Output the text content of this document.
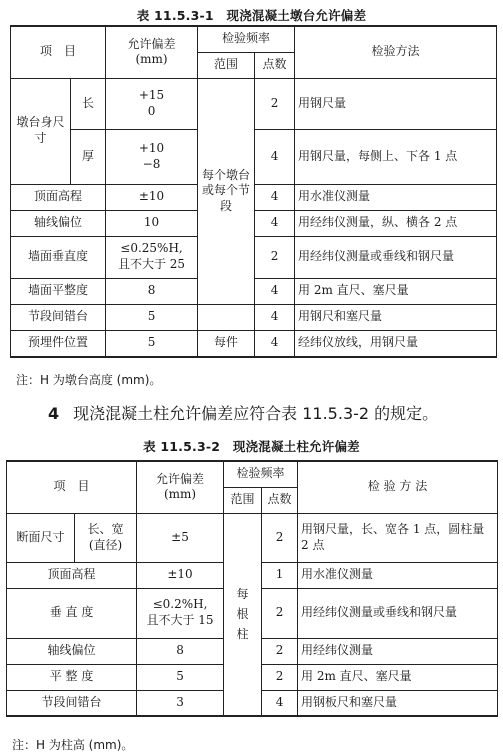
表 11.5.3-1　现浇混凝土墩台允许偏差
项　目		允许偏差
(mm)	检验频率		检验方法
			范围	点数	
墩台身尺寸	长	+15
0	每个墩台或每个节段	2	用钢尺量
	厚	+10
−8		4	用钢尺量，每侧上、下各 1 点
顶面高程		±10		4	用水准仪测量
轴线偏位		10		4	用经纬仪测量，纵、横各 2 点
墙面垂直度		≤0.25%H,
且不大于 25		2	用经纬仪测量或垂线和钢尺量
墙面平整度		8		4	用 2m 直尺、塞尺量
节段间错台		5		4	用钢尺和塞尺量
预埋件位置		5	每件	4	经纬仪放线，用钢尺量
注：H 为墩台高度 (mm)。
4 现浇混凝土柱允许偏差应符合表 11.5.3-2 的规定。
表 11.5.3-2　现浇混凝土柱允许偏差
项　目		允许偏差
(mm)	检验频率		检 验 方 法
			范围	点数	
断面尺寸	长、宽
(直径)	±5	每根柱	2	用钢尺量，长、宽各 1 点，圆柱量 2 点
顶面高程		±10		1	用水准仪测量
垂 直 度		≤0.2%H,
且不大于 15		2	用经纬仪测量或垂线和钢尺量
轴线偏位		8		2	用经纬仪测量
平 整 度		5		2	用 2m 直尺、塞尺量
节段间错台		3		4	用钢板尺和塞尺量
注：H 为柱高 (mm)。
